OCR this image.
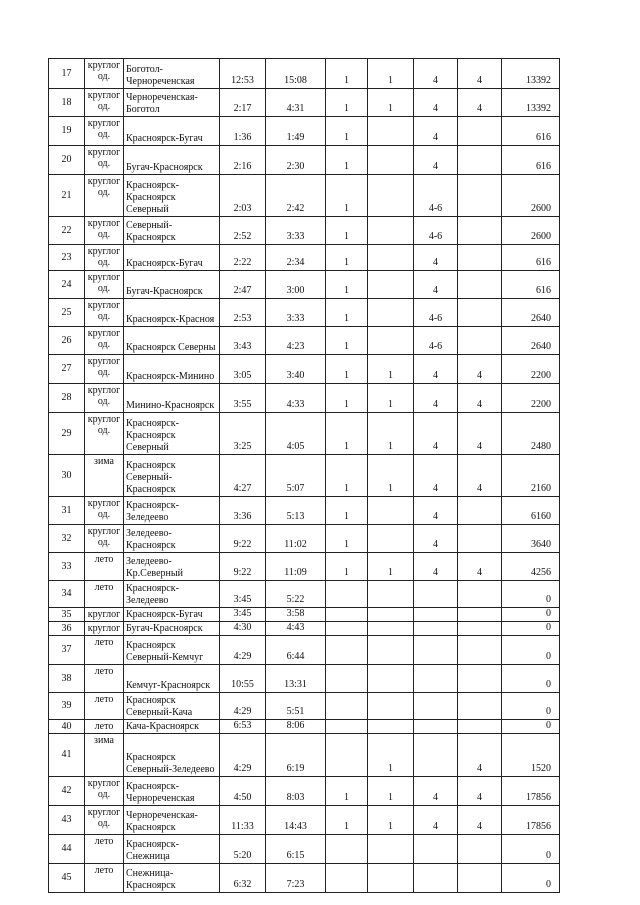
17	круглог
од.	Боготол-
Чернореченская	12:53	15:08	1	1	4	4	13392
18	круглог
од.	Чернореченская-
Боготол	2:17	4:31	1	1	4	4	13392
19	круглог
од.	Красноярск-Бугач	1:36	1:49	1		4		616
20	круглог
од.	Бугач-Красноярск	2:16	2:30	1		4		616
21	круглог
од.	Красноярск-
Красноярск
Северный	2:03	2:42	1		4-6		2600
22	круглог
од.	Северный-
Красноярск	2:52	3:33	1		4-6		2600
23	круглог
од.	Красноярск-Бугач	2:22	2:34	1		4		616
24	круглог
од.	Бугач-Красноярск	2:47	3:00	1		4		616
25	круглог
од.	Красноярск-Красноя	2:53	3:33	1		4-6		2640
26	круглог
од.	Красноярск Северны	3:43	4:23	1		4-6		2640
27	круглог
од.	Красноярск-Минино	3:05	3:40	1	1	4	4	2200
28	круглог
од.	Минино-Красноярск	3:55	4:33	1	1	4	4	2200
29	круглог
од.	Красноярск-
Красноярск
Северный	3:25	4:05	1	1	4	4	2480
30	зима	Красноярск
Северный-
Красноярск	4:27	5:07	1	1	4	4	2160
31	круглог
од.	Красноярск-
Зеледеево	3:36	5:13	1		4		6160
32	круглог
од.	Зеледеево-
Красноярск	9:22	11:02	1		4		3640
33	лето	Зеледеево-
Кр.Северный	9:22	11:09	1	1	4	4	4256
34	лето	Красноярск-
Зеледеево	3:45	5:22					0
35	круглог	Красноярск-Бугач	3:45	3:58					0
36	круглог	Бугач-Красноярск	4:30	4:43					0
37	лето	Красноярск
Северный-Кемчуг	4:29	6:44					0
38	лето	Кемчуг-Красноярск	10:55	13:31					0
39	лето	Красноярск
Северный-Кача	4:29	5:51					0
40	лето	Кача-Красноярск	6:53	8:06					0
41	зима	Красноярск
Северный-Зеледеево	4:29	6:19		1		4	1520
42	круглог
од.	Красноярск-
Чернореченская	4:50	8:03	1	1	4	4	17856
43	круглог
од.	Чернореченская-
Красноярск	11:33	14:43	1	1	4	4	17856
44	лето	Красноярск-
Снежница	5:20	6:15					0
45	лето	Снежница-
Красноярск	6:32	7:23					0
